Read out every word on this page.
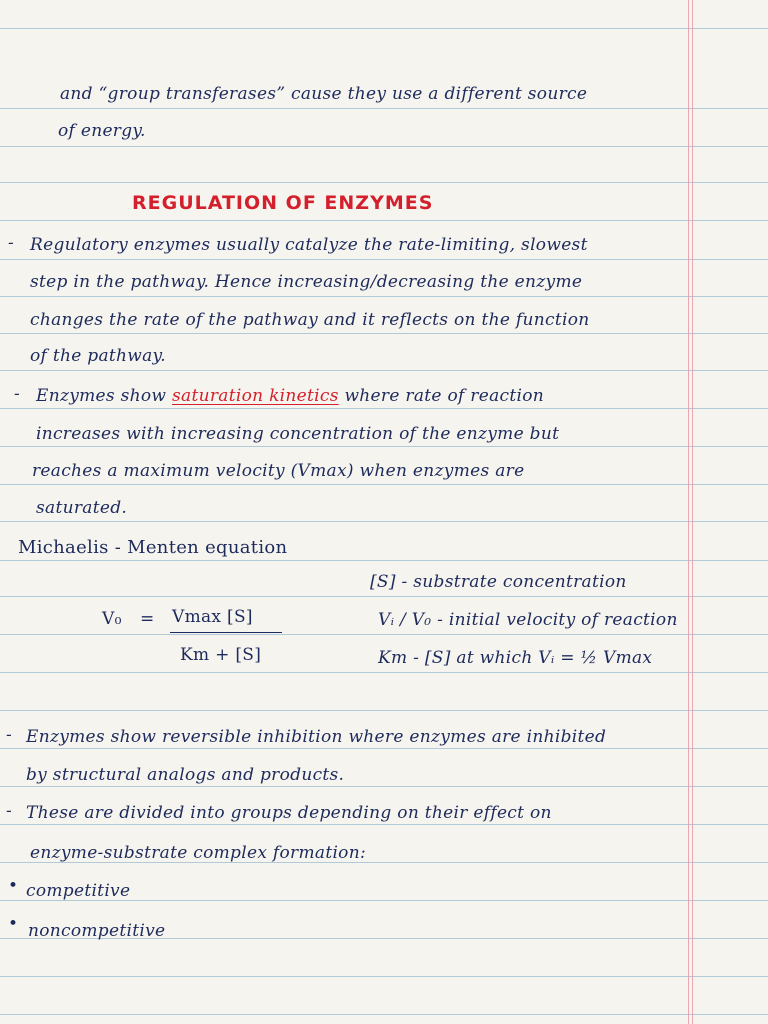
and “group transferases” cause they use a different source
of energy.
REGULATION OF ENZYMES
- Regulatory enzymes usually catalyze the rate-limiting, slowest
step in the pathway. Hence increasing/decreasing the enzyme
changes the rate of the pathway and it reflects on the function
of the pathway.
- Enzymes show saturation kinetics where rate of reaction
increases with increasing concentration of the enzyme but
reaches a maximum velocity (Vmax) when enzymes are
saturated.
Michaelis - Menten equation
V₀ = Vmax [S]
Km + [S]
[S] - substrate concentration
Vᵢ / V₀ - initial velocity of reaction
Km - [S] at which Vᵢ = ½ Vmax
- Enzymes show reversible inhibition where enzymes are inhibited
by structural analogs and products.
- These are divided into groups depending on their effect on
enzyme-substrate complex formation:
• competitive
• noncompetitive
